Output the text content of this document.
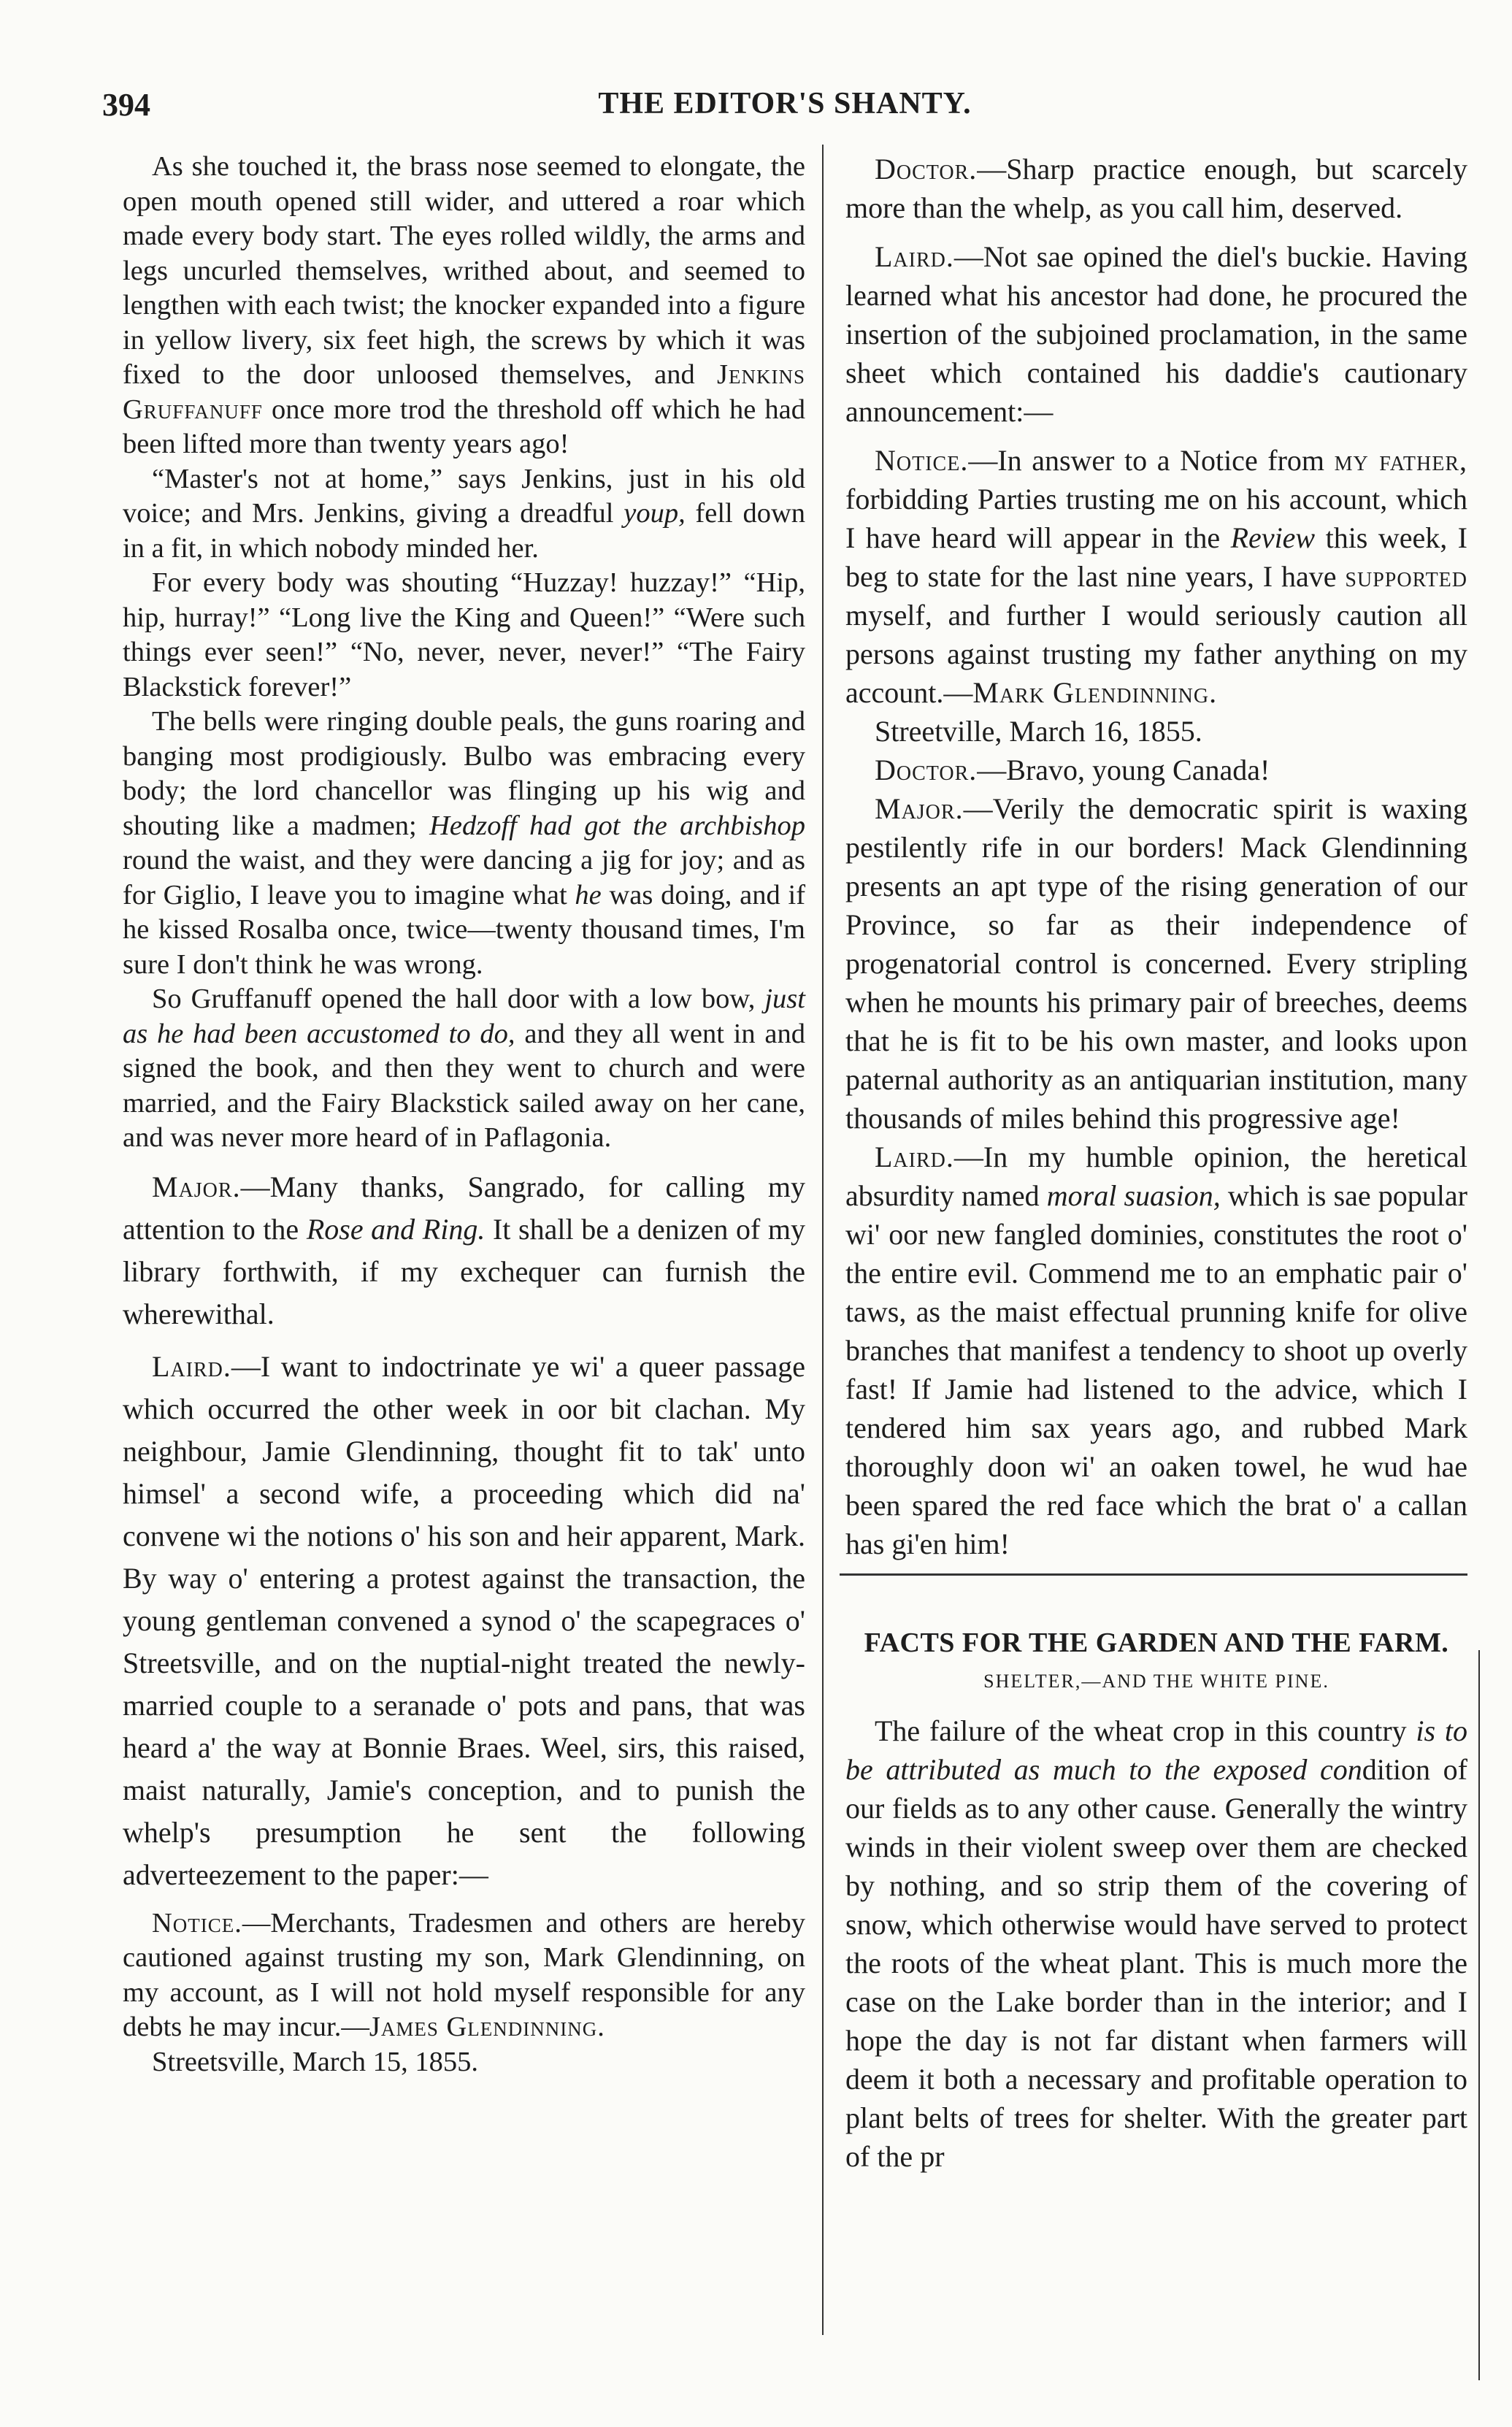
394	THE EDITOR'S SHANTY.

As she touched it, the brass nose seemed to elongate, the open mouth opened still wider, and uttered a roar which made every body start. The eyes rolled wildly, the arms and legs uncurled themselves, writhed about, and seemed to lengthen with each twist; the knocker expanded into a figure in yellow livery, six feet high, the screws by which it was fixed to the door unloosed themselves, and Jenkins Gruffanuff once more trod the threshold off which he had been lifted more than twenty years ago!

“Master's not at home,” says Jenkins, just in his old voice; and Mrs. Jenkins, giving a dreadful youp, fell down in a fit, in which nobody minded her.

For every body was shouting “Huzzay! huzzay!” “Hip, hip, hurray!” “Long live the King and Queen!” “Were such things ever seen!” “No, never, never, never!” “The Fairy Blackstick forever!”

The bells were ringing double peals, the guns roaring and banging most prodigiously. Bulbo was embracing every body; the lord chancellor was flinging up his wig and shouting like a madmen; Hedzoff had got the archbishop round the waist, and they were dancing a jig for joy; and as for Giglio, I leave you to imagine what he was doing, and if he kissed Rosalba once, twice—twenty thousand times, I'm sure I don't think he was wrong.

So Gruffanuff opened the hall door with a low bow, just as he had been accustomed to do, and they all went in and signed the book, and then they went to church and were married, and the Fairy Blackstick sailed away on her cane, and was never more heard of in Paflagonia.

Major.—Many thanks, Sangrado, for calling my attention to the Rose and Ring. It shall be a denizen of my library forthwith, if my exchequer can furnish the wherewithal.

Laird.—I want to indoctrinate ye wi' a queer passage which occurred the other week in oor bit clachan. My neighbour, Jamie Glendinning, thought fit to tak' unto himsel' a second wife, a proceeding which did na' convene wi the notions o' his son and heir apparent, Mark. By way o' entering a protest against the transaction, the young gentleman convened a synod o' the scapegraces o' Streetsville, and on the nuptial-night treated the newly-married couple to a seranade o' pots and pans, that was heard a' the way at Bonnie Braes. Weel, sirs, this raised, maist naturally, Jamie's conception, and to punish the whelp's presumption he sent the following adverteezement to the paper:—

Notice.—Merchants, Tradesmen and others are hereby cautioned against trusting my son, Mark Glendinning, on my account, as I will not hold myself responsible for any debts he may incur.—James Glendinning.

Streetsville, March 15, 1855.

Doctor.—Sharp practice enough, but scarcely more than the whelp, as you call him, deserved.

Laird.—Not sae opined the diel's buckie. Having learned what his ancestor had done, he procured the insertion of the subjoined proclamation, in the same sheet which contained his daddie's cautionary announcement:—

Notice.—In answer to a Notice from my father, forbidding Parties trusting me on his account, which I have heard will appear in the Review this week, I beg to state for the last nine years, I have supported myself, and further I would seriously caution all persons against trusting my father anything on my account.—Mark Glendinning.

Streetville, March 16, 1855.

Doctor.—Bravo, young Canada!

Major.—Verily the democratic spirit is waxing pestilently rife in our borders! Mack Glendinning presents an apt type of the rising generation of our Province, so far as their independence of progenatorial control is concerned. Every stripling when he mounts his primary pair of breeches, deems that he is fit to be his own master, and looks upon paternal authority as an antiquarian institution, many thousands of miles behind this progressive age!

Laird.—In my humble opinion, the heretical absurdity named moral suasion, which is sae popular wi' oor new fangled dominies, constitutes the root o' the entire evil. Commend me to an emphatic pair o' taws, as the maist effectual prunning knife for olive branches that manifest a tendency to shoot up overly fast! If Jamie had listened to the advice, which I tendered him sax years ago, and rubbed Mark thoroughly doon wi' an oaken towel, he wud hae been spared the red face which the brat o' a callan has gi'en him!

FACTS FOR THE GARDEN AND THE FARM.
SHELTER,—AND THE WHITE PINE.

The failure of the wheat crop in this country is to be attributed as much to the exposed condition of our fields as to any other cause. Generally the wintry winds in their violent sweep over them are checked by nothing, and so strip them of the covering of snow, which otherwise would have served to protect the roots of the wheat plant. This is much more the case on the Lake border than in the interior; and I hope the day is not far distant when farmers will deem it both a necessary and profitable operation to plant belts of trees for shelter. With the greater part of the pr
